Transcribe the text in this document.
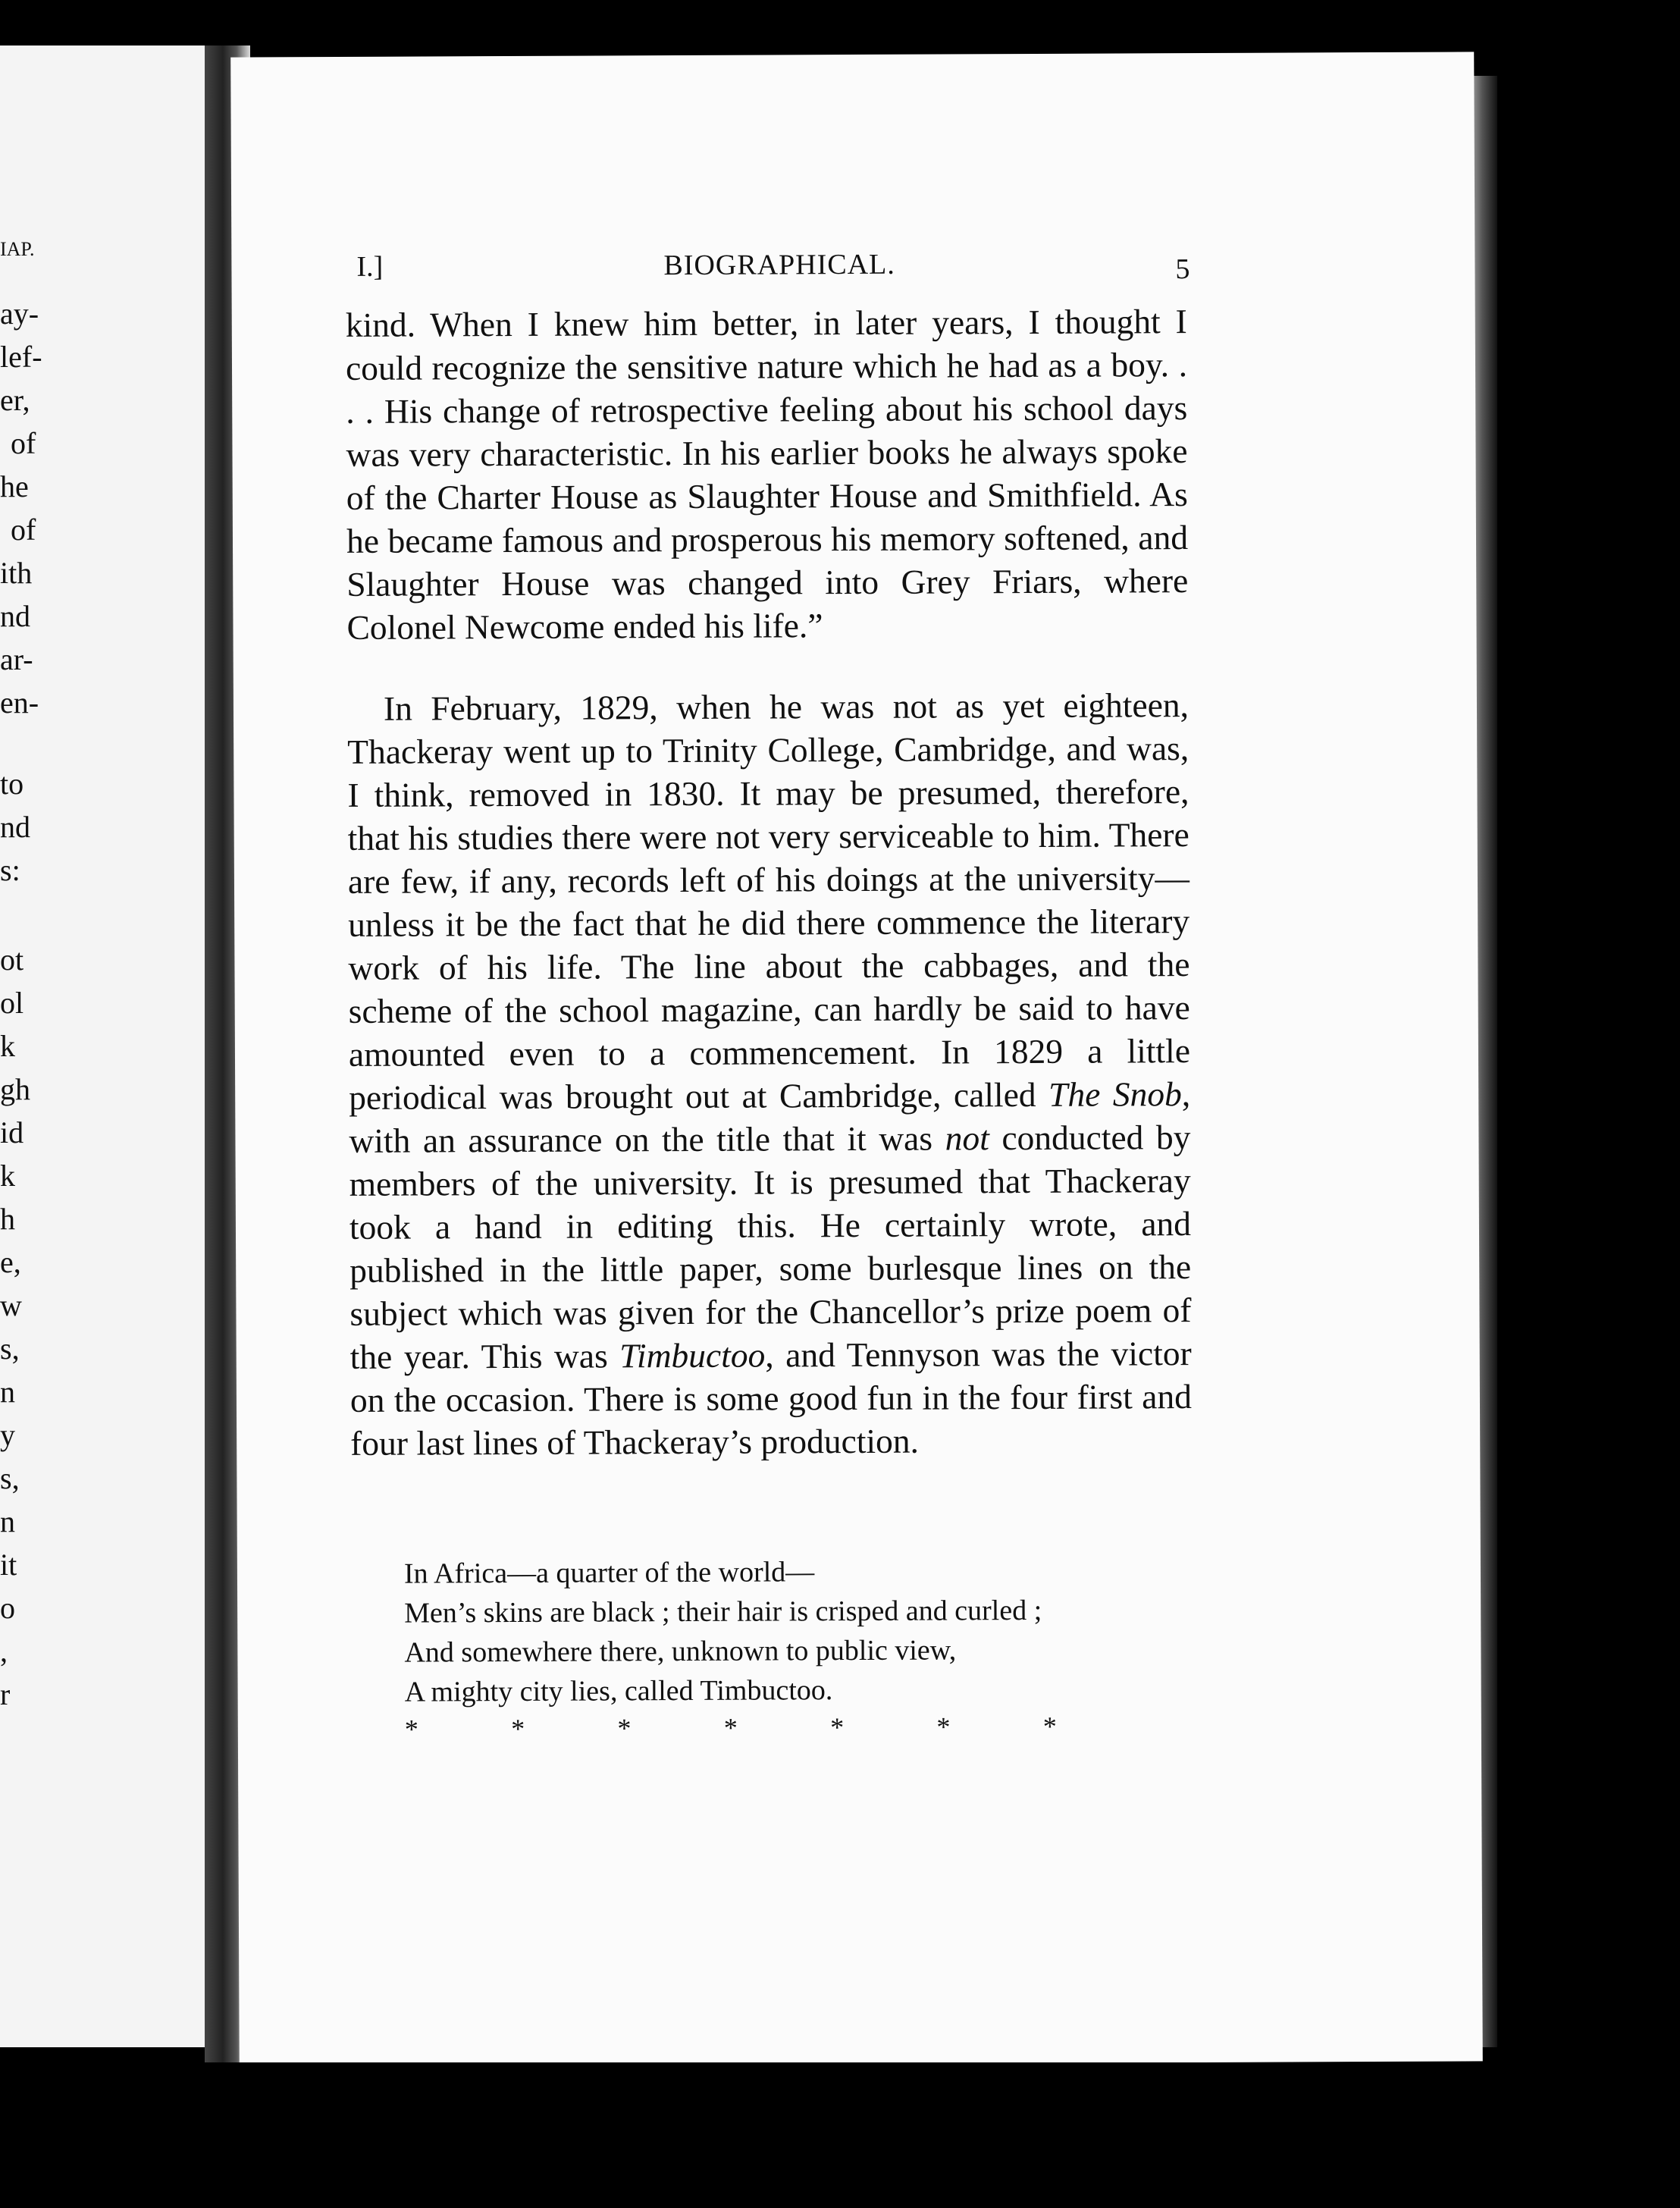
IAP.
ay-
lef-
er,
of
he
of
ith
nd
ar-
en-
to
nd
s:
ot
ol
k
gh
id
k
h
e,
w
s,
n
y
s,
n
it
o
,
r
I.]	BIOGRAPHICAL.	5

kind. When I knew him better, in later years, I thought I could recognize the sensitive nature which he had as a boy. . . . His change of retrospective feeling about his school days was very characteristic. In his earlier books he always spoke of the Charter House as Slaughter House and Smithfield. As he became famous and prosperous his memory softened, and Slaughter House was changed into Grey Friars, where Colonel Newcome ended his life.”

In February, 1829, when he was not as yet eighteen, Thackeray went up to Trinity College, Cambridge, and was, I think, removed in 1830. It may be presumed, therefore, that his studies there were not very serviceable to him. There are few, if any, records left of his doings at the university—unless it be the fact that he did there commence the literary work of his life. The line about the cabbages, and the scheme of the school magazine, can hardly be said to have amounted even to a commencement. In 1829 a little periodical was brought out at Cambridge, called The Snob, with an assurance on the title that it was not conducted by members of the university. It is presumed that Thackeray took a hand in editing this. He certainly wrote, and published in the little paper, some burlesque lines on the subject which was given for the Chancellor’s prize poem of the year. This was Timbuctoo, and Tennyson was the victor on the occasion. There is some good fun in the four first and four last lines of Thackeray’s production.

In Africa—a quarter of the world—
Men’s skins are black ; their hair is crisped and curled ;
And somewhere there, unknown to public view,
A mighty city lies, called Timbuctoo.
*	*	*	*	*	*	*
